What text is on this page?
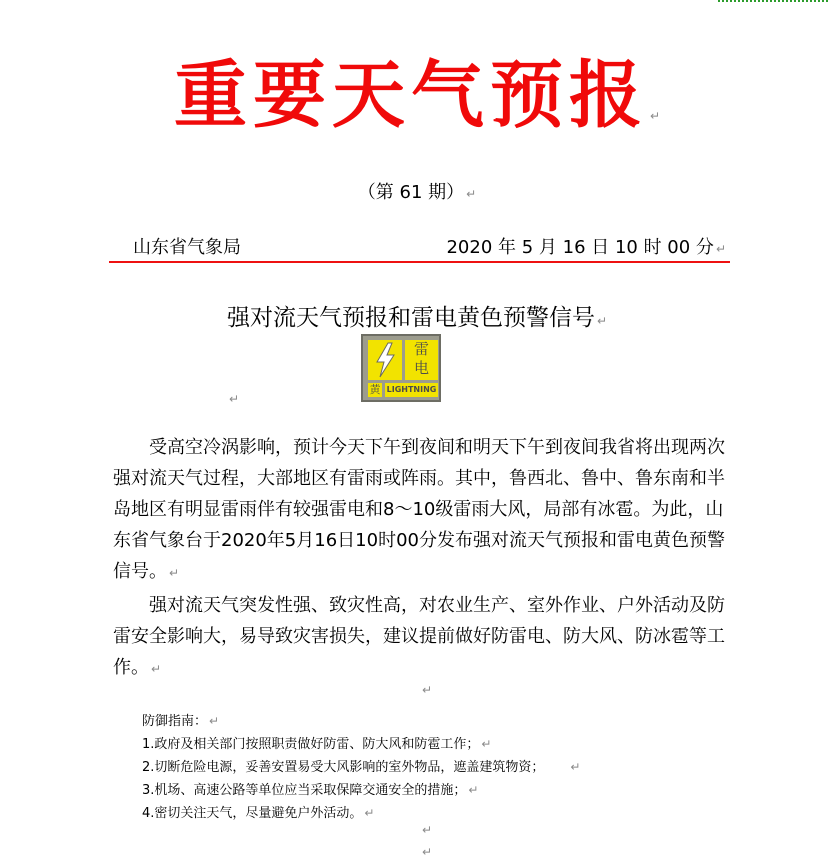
重要天气预报 ↵
（第 61 期） ↵
山东省气象局	2020 年 5 月 16 日 10 时 00 分 ↵
强对流天气预报和雷电黄色预警信号 ↵
雷
电
黄 LIGHTNING
↵
受高空冷涡影响，预计今天下午到夜间和明天下午到夜间我省将出现两次强对流天气过程，大部地区有雷雨或阵雨。其中，鲁西北、鲁中、鲁东南和半岛地区有明显雷雨伴有较强雷电和8～10级雷雨大风，局部有冰雹。为此，山东省气象台于2020年5月16日10时00分发布强对流天气预报和雷电黄色预警信号。 ↵
强对流天气突发性强、致灾性高，对农业生产、室外作业、户外活动及防雷安全影响大，易导致灾害损失，建议提前做好防雷电、防大风、防冰雹等工作。 ↵
↵
防御指南： ↵
1.政府及相关部门按照职责做好防雷、防大风和防雹工作； ↵
2.切断危险电源，妥善安置易受大风影响的室外物品，遮盖建筑物资； ↵
3.机场、高速公路等单位应当采取保障交通安全的措施； ↵
4.密切关注天气，尽量避免户外活动。 ↵
↵
↵
